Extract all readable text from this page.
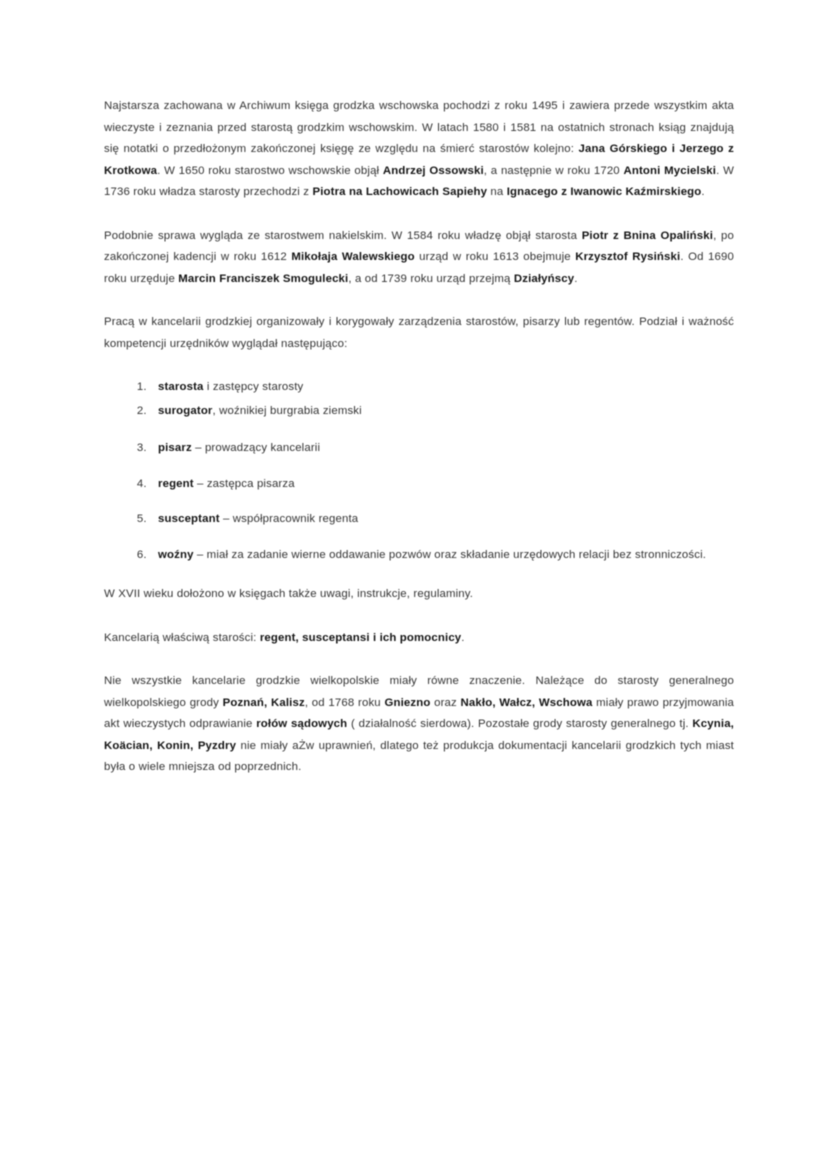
Najstarsza zachowana w Archiwum księga grodzka wschowska pochodzi z roku 1495 i zawiera przede wszystkim akta wieczyste i zeznania przed starostą grodzkim wschowskim. W latach 1580 i 1581 na ostatnich stronach ksiąg znajdują się notatki o przedłożonym zakończonej księgę ze względu na śmierć starostów kolejno: Jana Górskiego i Jerzego z Krotkowa. W 1650 roku starostwo wschowskie objął Andrzej Ossowski, a następnie w roku 1720 Antoni Mycielski. W 1736 roku władza starosty przechodzi z Piotra na Lachowicach Sapiehy na Ignacego z Iwanowic Kaźmirskiego.

Podobnie sprawa wygląda ze starostwem nakielskim. W 1584 roku władzę objął starosta Piotr z Bnina Opaliński, po zakończonej kadencji w roku 1612 Mikołaja Walewskiego urząd w roku 1613 obejmuje Krzysztof Rysiński. Od 1690 roku urzęduje Marcin Franciszek Smogulecki, a od 1739 roku urząd przejmą Działyńscy.

Pracą w kancelarii grodzkiej organizowały i korygowały zarządzenia starostów, pisarzy lub regentów. Podział i ważność kompetencji urzędników wyglądał następująco:

1. starosta i zastępcy starosty
2. surogator, woźnikiej burgrabia ziemski
3. pisarz – prowadzący kancelarii
4. regent – zastępca pisarza
5. susceptant – współpracownik regenta
6. woźny – miał za zadanie wierne oddawanie pozwów oraz składanie urzędowych relacji bez stronniczości.

W XVII wieku dołożono w księgach także uwagi, instrukcje, regulaminy.

Kancelarią właściwą starości: regent, susceptansi i ich pomocnicy.

Nie wszystkie kancelarie grodzkie wielkopolskie miały równe znaczenie. Należące do starosty generalnego wielkopolskiego grody Poznań, Kalisz, od 1768 roku Gniezno oraz Nakło, Wałcz, Wschowa miały prawo przyjmowania akt wieczystych odprawianie rołów sądowych ( działalność sierdowa). Pozostałe grody starosty generalnego tj. Kcynia, Koäcian, Konin, Pyzdry nie miały aŻw uprawnień, dlatego też produkcja dokumentacji kancelarii grodzkich tych miast była o wiele mniejsza od poprzednich.
